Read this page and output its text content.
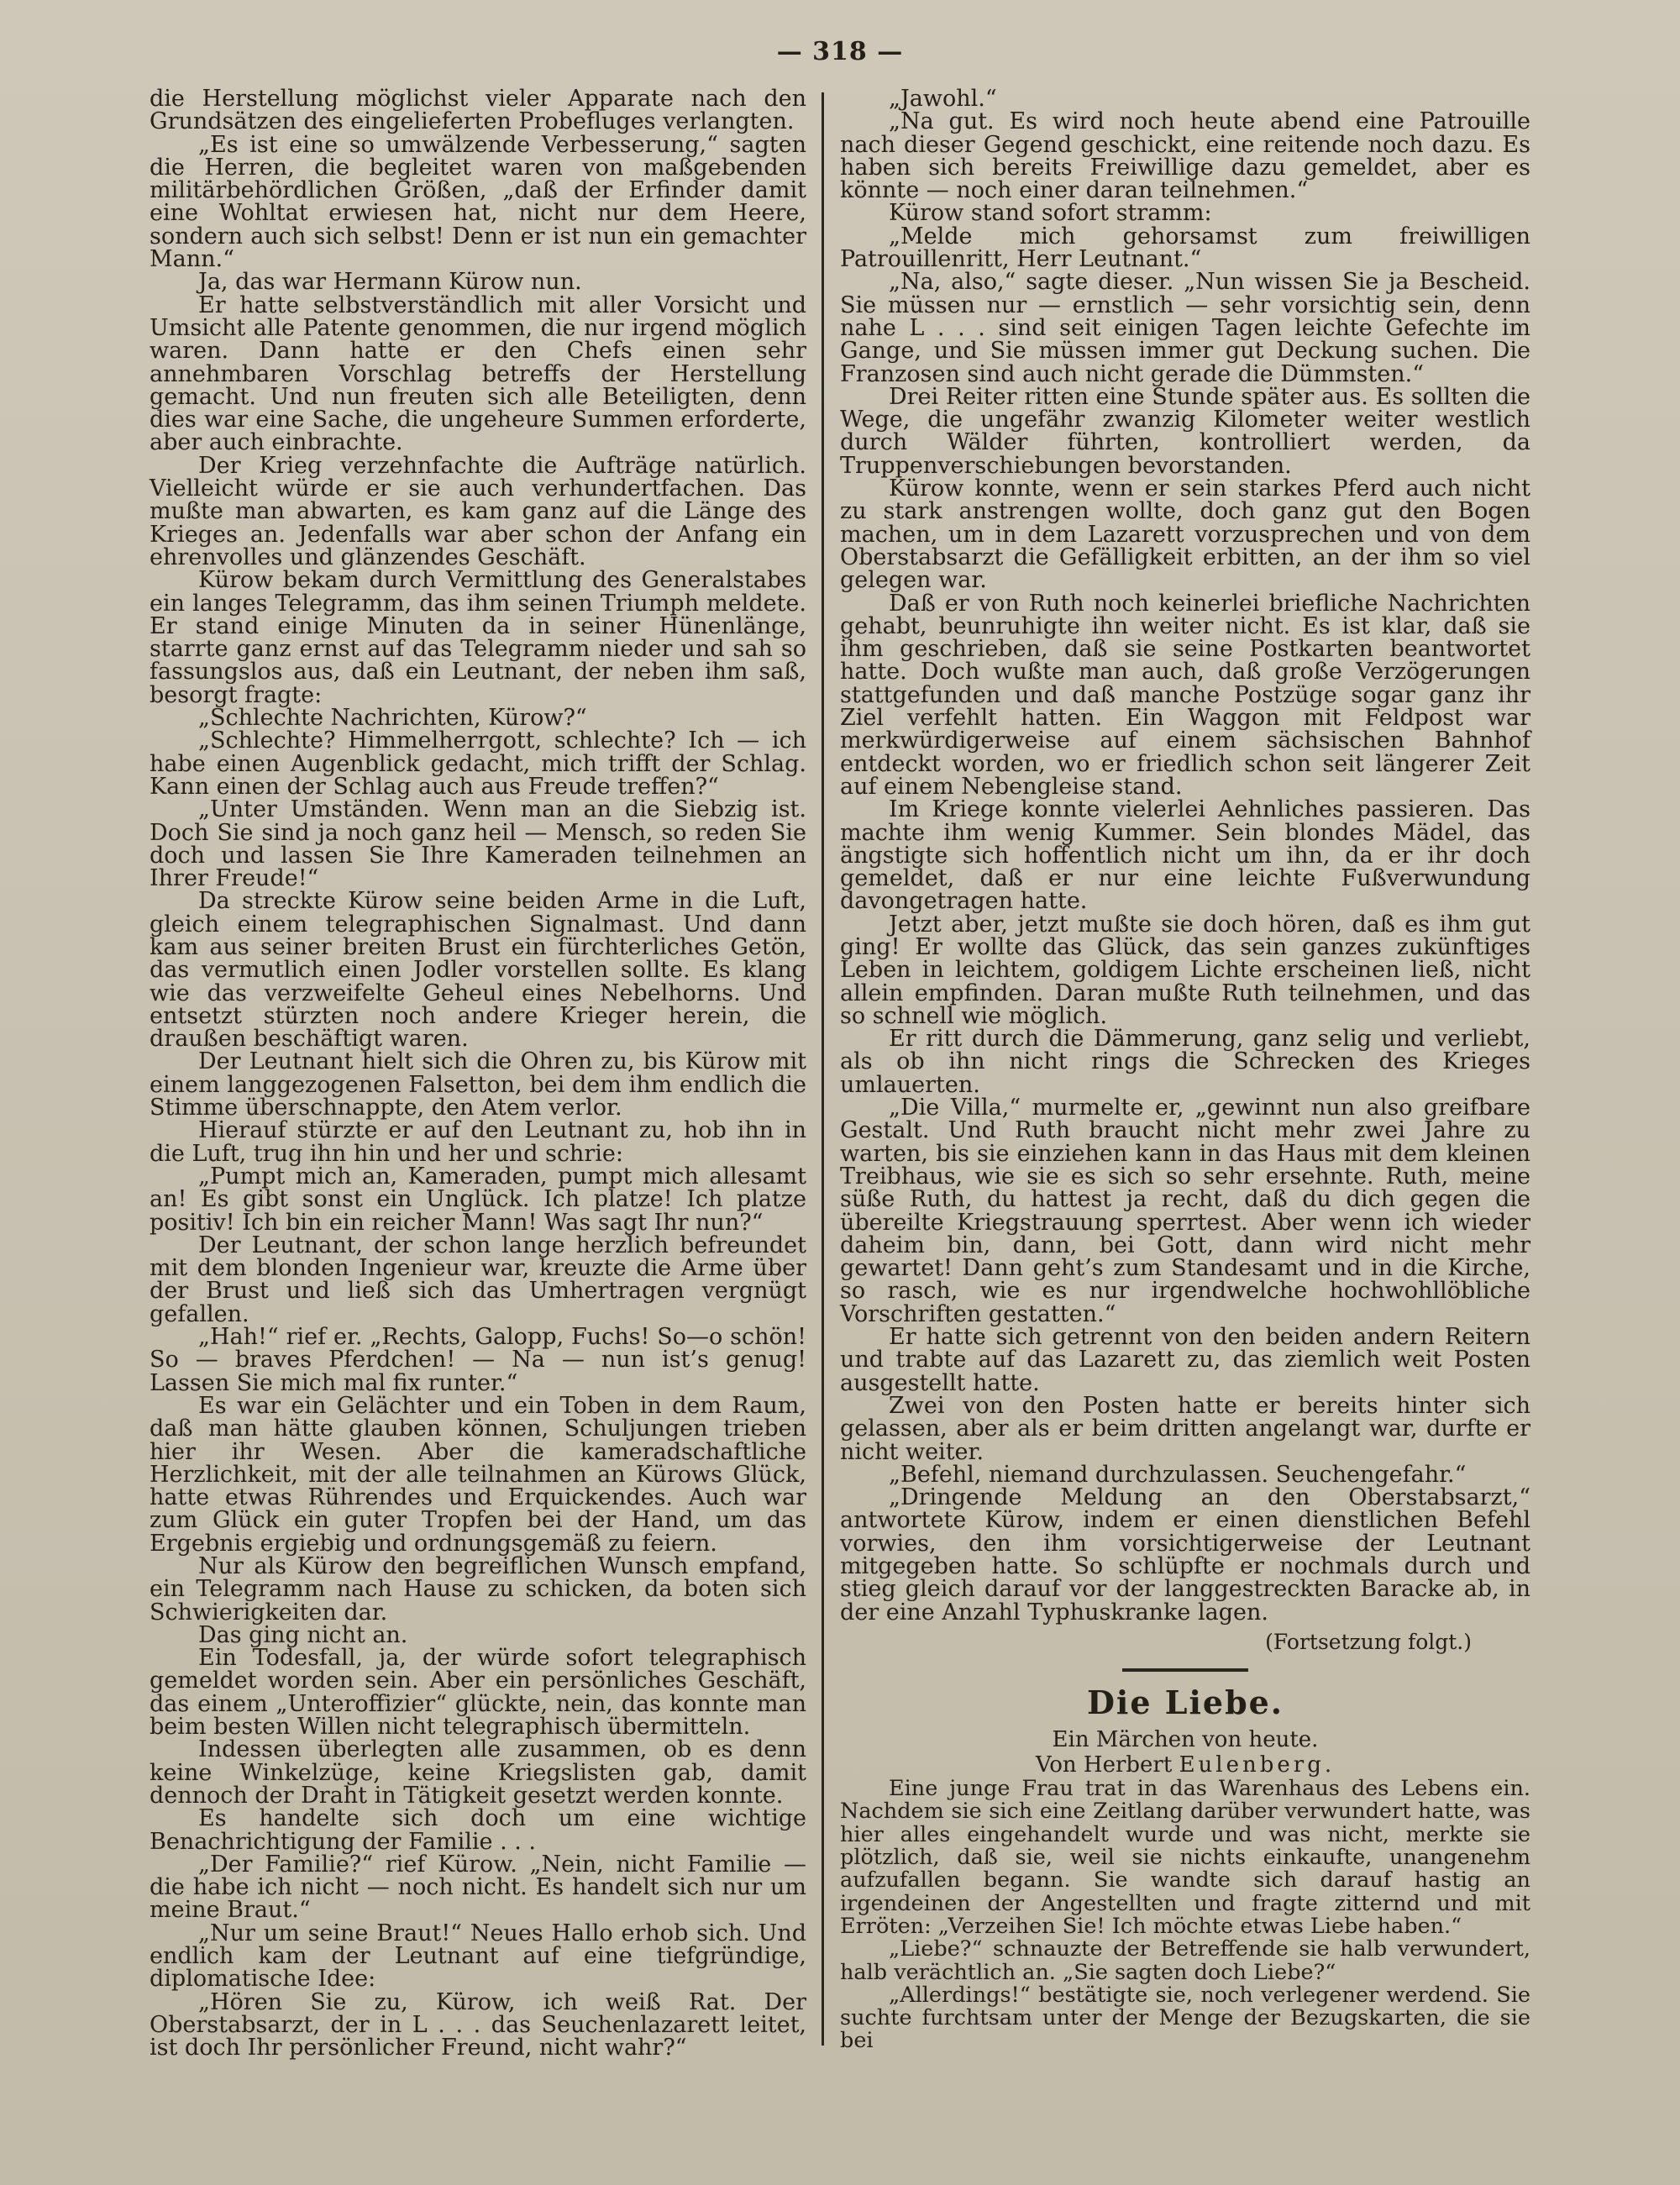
— 318 —

die Herstellung möglichst vieler Apparate nach den Grundsätzen des eingelieferten Probefluges verlangten.

„Es ist eine so umwälzende Verbesserung,“ sagten die Herren, die begleitet waren von maßgebenden militärbehördlichen Größen, „daß der Erfinder damit eine Wohltat erwiesen hat, nicht nur dem Heere, sondern auch sich selbst! Denn er ist nun ein gemachter Mann.“

Ja, das war Hermann Kürow nun.

Er hatte selbstverständlich mit aller Vorsicht und Umsicht alle Patente genommen, die nur irgend möglich waren. Dann hatte er den Chefs einen sehr annehmbaren Vorschlag betreffs der Herstellung gemacht. Und nun freuten sich alle Beteiligten, denn dies war eine Sache, die ungeheure Summen erforderte, aber auch einbrachte.

Der Krieg verzehnfachte die Aufträge natürlich. Vielleicht würde er sie auch verhundertfachen. Das mußte man abwarten, es kam ganz auf die Länge des Krieges an. Jedenfalls war aber schon der Anfang ein ehrenvolles und glänzendes Geschäft.

Kürow bekam durch Vermittlung des Generalstabes ein langes Telegramm, das ihm seinen Triumph meldete. Er stand einige Minuten da in seiner Hünenlänge, starrte ganz ernst auf das Telegramm nieder und sah so fassungslos aus, daß ein Leutnant, der neben ihm saß, besorgt fragte:

„Schlechte Nachrichten, Kürow?“

„Schlechte? Himmelherrgott, schlechte? Ich — ich habe einen Augenblick gedacht, mich trifft der Schlag. Kann einen der Schlag auch aus Freude treffen?“

„Unter Umständen. Wenn man an die Siebzig ist. Doch Sie sind ja noch ganz heil — Mensch, so reden Sie doch und lassen Sie Ihre Kameraden teilnehmen an Ihrer Freude!“

Da streckte Kürow seine beiden Arme in die Luft, gleich einem telegraphischen Signalmast. Und dann kam aus seiner breiten Brust ein fürchterliches Getön, das vermutlich einen Jodler vorstellen sollte. Es klang wie das verzweifelte Geheul eines Nebelhorns. Und entsetzt stürzten noch andere Krieger herein, die draußen beschäftigt waren.

Der Leutnant hielt sich die Ohren zu, bis Kürow mit einem langgezogenen Falsetton, bei dem ihm endlich die Stimme überschnappte, den Atem verlor.

Hierauf stürzte er auf den Leutnant zu, hob ihn in die Luft, trug ihn hin und her und schrie:

„Pumpt mich an, Kameraden, pumpt mich allesamt an! Es gibt sonst ein Unglück. Ich platze! Ich platze positiv! Ich bin ein reicher Mann! Was sagt Ihr nun?“

Der Leutnant, der schon lange herzlich befreundet mit dem blonden Ingenieur war, kreuzte die Arme über der Brust und ließ sich das Umhertragen vergnügt gefallen.

„Hah!“ rief er. „Rechts, Galopp, Fuchs! So—o schön! So — braves Pferdchen! — Na — nun ist’s genug! Lassen Sie mich mal fix runter.“

Es war ein Gelächter und ein Toben in dem Raum, daß man hätte glauben können, Schuljungen trieben hier ihr Wesen. Aber die kameradschaftliche Herzlichkeit, mit der alle teilnahmen an Kürows Glück, hatte etwas Rührendes und Erquickendes. Auch war zum Glück ein guter Tropfen bei der Hand, um das Ergebnis ergiebig und ordnungsgemäß zu feiern.

Nur als Kürow den begreiflichen Wunsch empfand, ein Telegramm nach Hause zu schicken, da boten sich Schwierigkeiten dar.

Das ging nicht an.

Ein Todesfall, ja, der würde sofort telegraphisch gemeldet worden sein. Aber ein persönliches Geschäft, das einem „Unteroffizier“ glückte, nein, das konnte man beim besten Willen nicht telegraphisch übermitteln.

Indessen überlegten alle zusammen, ob es denn keine Winkelzüge, keine Kriegslisten gab, damit dennoch der Draht in Tätigkeit gesetzt werden konnte.

Es handelte sich doch um eine wichtige Benachrichtigung der Familie . . .

„Der Familie?“ rief Kürow. „Nein, nicht Familie — die habe ich nicht — noch nicht. Es handelt sich nur um meine Braut.“

„Nur um seine Braut!“ Neues Hallo erhob sich. Und endlich kam der Leutnant auf eine tiefgründige, diplomatische Idee:

„Hören Sie zu, Kürow, ich weiß Rat. Der Oberstabsarzt, der in L . . . das Seuchenlazarett leitet, ist doch Ihr persönlicher Freund, nicht wahr?“

„Jawohl.“

„Na gut. Es wird noch heute abend eine Patrouille nach dieser Gegend geschickt, eine reitende noch dazu. Es haben sich bereits Freiwillige dazu gemeldet, aber es könnte — noch einer daran teilnehmen.“

Kürow stand sofort stramm:

„Melde mich gehorsamst zum freiwilligen Patrouillenritt, Herr Leutnant.“

„Na, also,“ sagte dieser. „Nun wissen Sie ja Bescheid. Sie müssen nur — ernstlich — sehr vorsichtig sein, denn nahe L . . . sind seit einigen Tagen leichte Gefechte im Gange, und Sie müssen immer gut Deckung suchen. Die Franzosen sind auch nicht gerade die Dümmsten.“

Drei Reiter ritten eine Stunde später aus. Es sollten die Wege, die ungefähr zwanzig Kilometer weiter westlich durch Wälder führten, kontrolliert werden, da Truppenverschiebungen bevorstanden.

Kürow konnte, wenn er sein starkes Pferd auch nicht zu stark anstrengen wollte, doch ganz gut den Bogen machen, um in dem Lazarett vorzusprechen und von dem Oberstabsarzt die Gefälligkeit erbitten, an der ihm so viel gelegen war.

Daß er von Ruth noch keinerlei briefliche Nachrichten gehabt, beunruhigte ihn weiter nicht. Es ist klar, daß sie ihm geschrieben, daß sie seine Postkarten beantwortet hatte. Doch wußte man auch, daß große Verzögerungen stattgefunden und daß manche Postzüge sogar ganz ihr Ziel verfehlt hatten. Ein Waggon mit Feldpost war merkwürdigerweise auf einem sächsischen Bahnhof entdeckt worden, wo er friedlich schon seit längerer Zeit auf einem Nebengleise stand.

Im Kriege konnte vielerlei Aehnliches passieren. Das machte ihm wenig Kummer. Sein blondes Mädel, das ängstigte sich hoffentlich nicht um ihn, da er ihr doch gemeldet, daß er nur eine leichte Fußverwundung davongetragen hatte.

Jetzt aber, jetzt mußte sie doch hören, daß es ihm gut ging! Er wollte das Glück, das sein ganzes zukünftiges Leben in leichtem, goldigem Lichte erscheinen ließ, nicht allein empfinden. Daran mußte Ruth teilnehmen, und das so schnell wie möglich.

Er ritt durch die Dämmerung, ganz selig und verliebt, als ob ihn nicht rings die Schrecken des Krieges umlauerten.

„Die Villa,“ murmelte er, „gewinnt nun also greifbare Gestalt. Und Ruth braucht nicht mehr zwei Jahre zu warten, bis sie einziehen kann in das Haus mit dem kleinen Treibhaus, wie sie es sich so sehr ersehnte. Ruth, meine süße Ruth, du hattest ja recht, daß du dich gegen die übereilte Kriegstrauung sperrtest. Aber wenn ich wieder daheim bin, dann, bei Gott, dann wird nicht mehr gewartet! Dann geht’s zum Standesamt und in die Kirche, so rasch, wie es nur irgendwelche hochwohllöbliche Vorschriften gestatten.“

Er hatte sich getrennt von den beiden andern Reitern und trabte auf das Lazarett zu, das ziemlich weit Posten ausgestellt hatte.

Zwei von den Posten hatte er bereits hinter sich gelassen, aber als er beim dritten angelangt war, durfte er nicht weiter.

„Befehl, niemand durchzulassen. Seuchengefahr.“

„Dringende Meldung an den Oberstabsarzt,“ antwortete Kürow, indem er einen dienstlichen Befehl vorwies, den ihm vorsichtigerweise der Leutnant mitgegeben hatte. So schlüpfte er nochmals durch und stieg gleich darauf vor der langgestreckten Baracke ab, in der eine Anzahl Typhuskranke lagen.

(Fortsetzung folgt.)
Die Liebe.
Ein Märchen von heute.
Von Herbert Eulenberg.

Eine junge Frau trat in das Warenhaus des Lebens ein. Nachdem sie sich eine Zeitlang darüber verwundert hatte, was hier alles eingehandelt wurde und was nicht, merkte sie plötzlich, daß sie, weil sie nichts einkaufte, unangenehm aufzufallen begann. Sie wandte sich darauf hastig an irgendeinen der Angestellten und fragte zitternd und mit Erröten: „Verzeihen Sie! Ich möchte etwas Liebe haben.“

„Liebe?“ schnauzte der Betreffende sie halb verwundert, halb verächtlich an. „Sie sagten doch Liebe?“

„Allerdings!“ bestätigte sie, noch verlegener werdend. Sie suchte furchtsam unter der Menge der Bezugskarten, die sie bei
